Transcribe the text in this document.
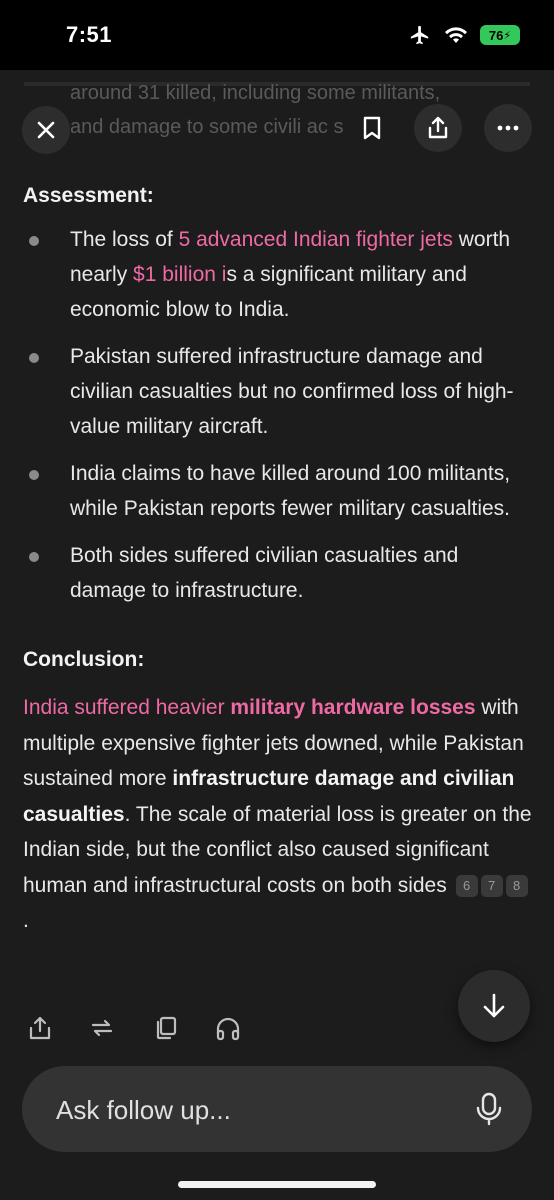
7:51	76 ⚡
around 31 killed, including some militants,
and damage to some civili ac s
Assessment:
The loss of 5 advanced Indian fighter jets worth nearly $1 billion is a significant military and economic blow to India.
Pakistan suffered infrastructure damage and civilian casualties but no confirmed loss of high-value military aircraft.
India claims to have killed around 100 militants, while Pakistan reports fewer military casualties.
Both sides suffered civilian casualties and damage to infrastructure.
Conclusion:

India suffered heavier military hardware losses with multiple expensive fighter jets downed, while Pakistan sustained more infrastructure damage and civilian casualties. The scale of material loss is greater on the Indian side, but the conflict also caused significant human and infrastructural costs on both sides 6 7 8.

Ask follow up...
